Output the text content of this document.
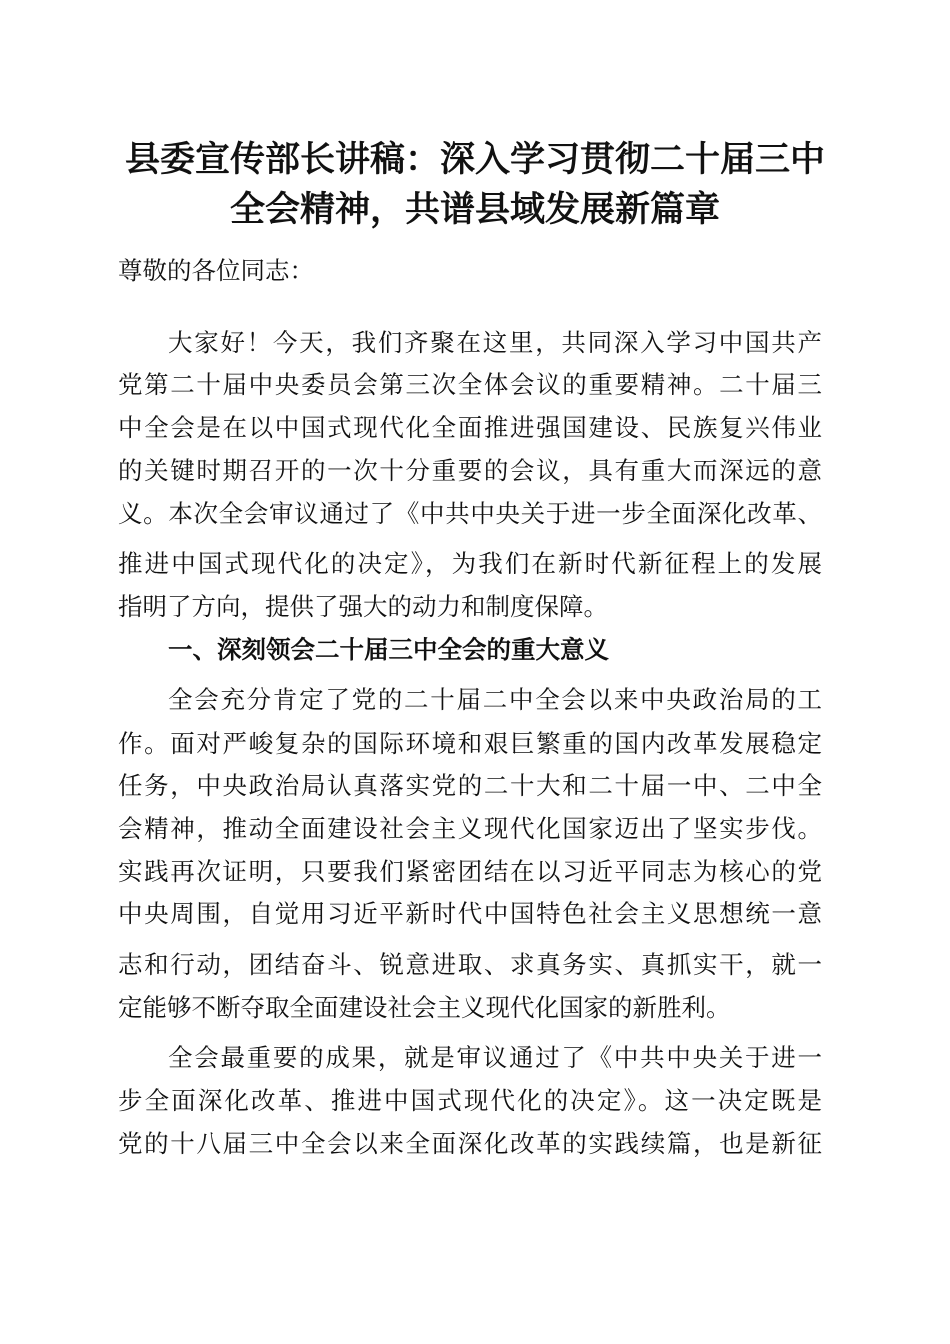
县委宣传部长讲稿：深入学习贯彻二十届三中
全会精神，共谱县域发展新篇章

尊敬的各位同志：

大家好！今天，我们齐聚在这里，共同深入学习中国共产

党第二十届中央委员会第三次全体会议的重要精神。二十届三

中全会是在以中国式现代化全面推进强国建设、民族复兴伟业

的关键时期召开的一次十分重要的会议，具有重大而深远的意

义。本次全会审议通过了《中共中央关于进一步全面深化改革、

推进中国式现代化的决定》，为我们在新时代新征程上的发展

指明了方向，提供了强大的动力和制度保障。

一、深刻领会二十届三中全会的重大意义

全会充分肯定了党的二十届二中全会以来中央政治局的工

作。面对严峻复杂的国际环境和艰巨繁重的国内改革发展稳定

任务，中央政治局认真落实党的二十大和二十届一中、二中全

会精神，推动全面建设社会主义现代化国家迈出了坚实步伐。

实践再次证明，只要我们紧密团结在以习近平同志为核心的党

中央周围，自觉用习近平新时代中国特色社会主义思想统一意

志和行动，团结奋斗、锐意进取、求真务实、真抓实干，就一

定能够不断夺取全面建设社会主义现代化国家的新胜利。

全会最重要的成果，就是审议通过了《中共中央关于进一

步全面深化改革、推进中国式现代化的决定》。这一决定既是

党的十八届三中全会以来全面深化改革的实践续篇，也是新征
